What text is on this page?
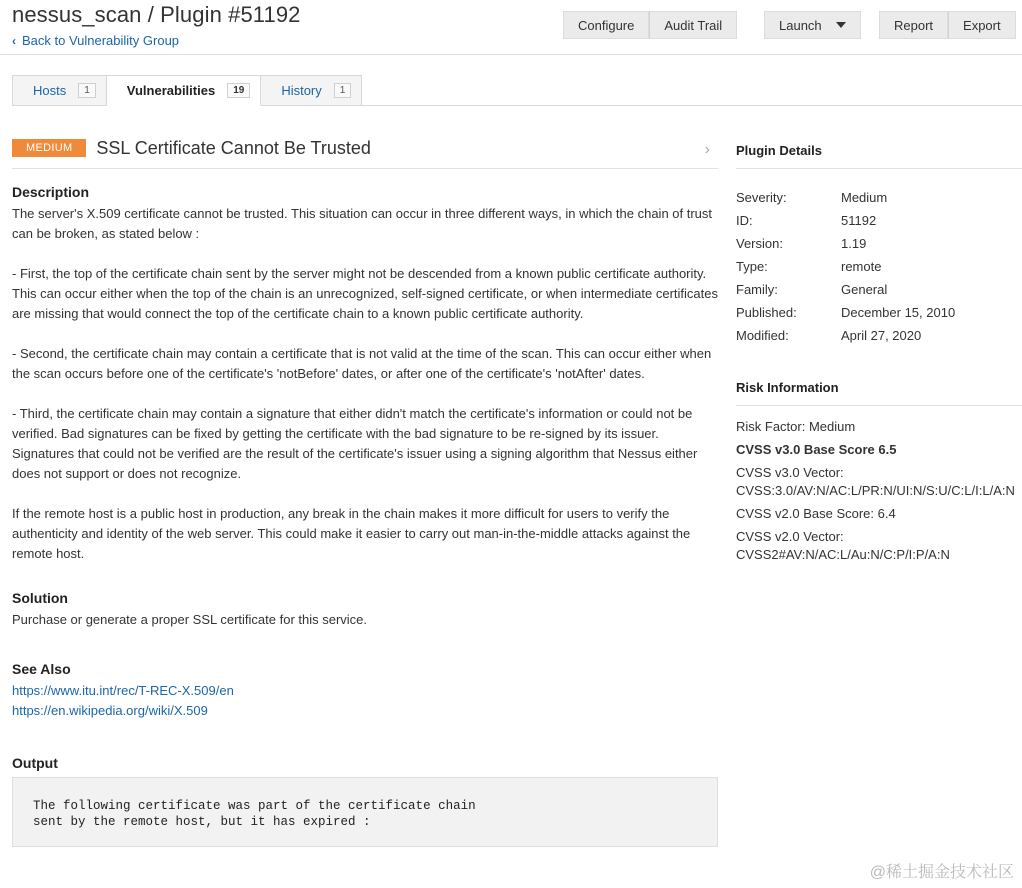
nessus_scan / Plugin #51192
‹ Back to Vulnerability Group
Configure	Audit Trail	Launch	Report	Export
Hosts	1	Vulnerabilities	19	History	1
MEDIUM	SSL Certificate Cannot Be Trusted	›
Description

The server's X.509 certificate cannot be trusted. This situation can occur in three different ways, in which the chain of trust can be broken, as stated below :

- First, the top of the certificate chain sent by the server might not be descended from a known public certificate authority. This can occur either when the top of the chain is an unrecognized, self-signed certificate, or when intermediate certificates are missing that would connect the top of the certificate chain to a known public certificate authority.

- Second, the certificate chain may contain a certificate that is not valid at the time of the scan. This can occur either when the scan occurs before one of the certificate's 'notBefore' dates, or after one of the certificate's 'notAfter' dates.

- Third, the certificate chain may contain a signature that either didn't match the certificate's information or could not be verified. Bad signatures can be fixed by getting the certificate with the bad signature to be re-signed by its issuer. Signatures that could not be verified are the result of the certificate's issuer using a signing algorithm that Nessus either does not support or does not recognize.

If the remote host is a public host in production, any break in the chain makes it more difficult for users to verify the authenticity and identity of the web server. This could make it easier to carry out man-in-the-middle attacks against the remote host.

Solution

Purchase or generate a proper SSL certificate for this service.

See Also
https://www.itu.int/rec/T-REC-X.509/en
https://en.wikipedia.org/wiki/X.509
Output
The following certificate was part of the certificate chain
sent by the remote host, but it has expired :
Plugin Details
Severity:	Medium
ID:	51192
Version:	1.19
Type:	remote
Family:	General
Published:	December 15, 2010
Modified:	April 27, 2020
Risk Information
Risk Factor: Medium
CVSS v3.0 Base Score 6.5
CVSS v3.0 Vector:
CVSS:3.0/AV:N/AC:L/PR:N/UI:N/S:U/C:L/I:L/A:N
CVSS v2.0 Base Score: 6.4
CVSS v2.0 Vector:
CVSS2#AV:N/AC:L/Au:N/C:P/I:P/A:N
@稀土掘金技术社区
